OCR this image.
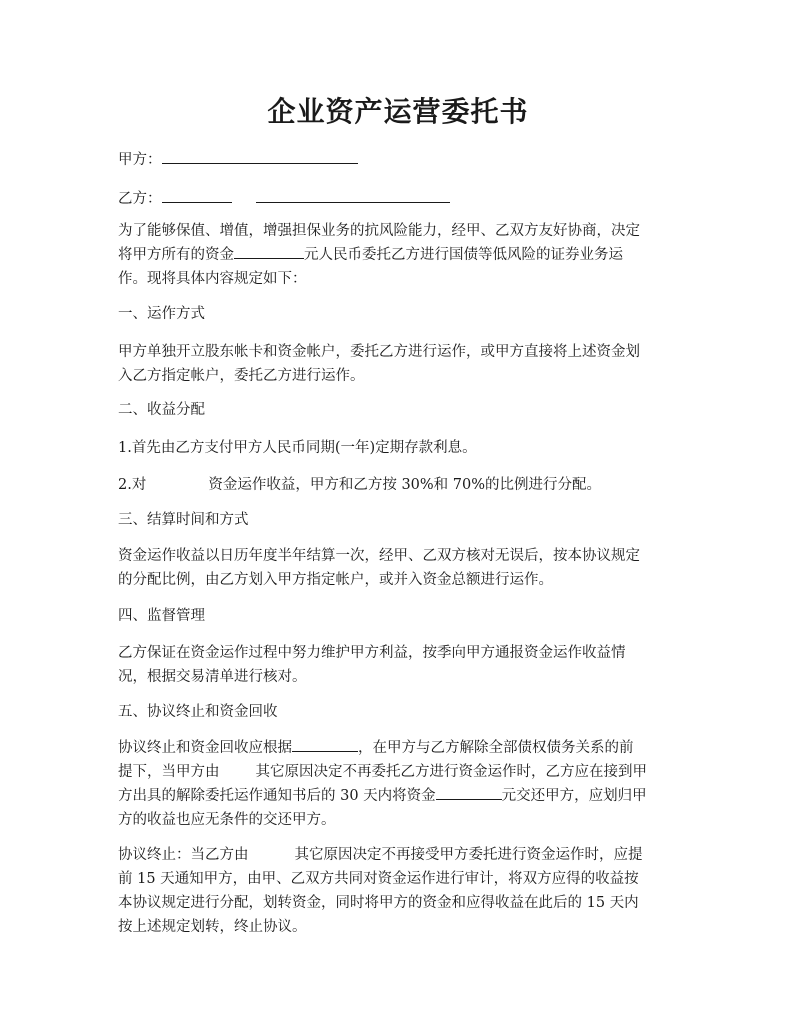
企业资产运营委托书
甲方：
乙方：
为了能够保值、增值，增强担保业务的抗风险能力，经甲、乙双方友好协商，决定
将甲方所有的资金	元人民币委托乙方进行国债等低风险的证券业务运
作。现将具体内容规定如下：
一、运作方式
甲方单独开立股东帐卡和资金帐户，委托乙方进行运作，或甲方直接将上述资金划
入乙方指定帐户，委托乙方进行运作。
二、收益分配
1.首先由乙方支付甲方人民币同期(一年)定期存款利息。
2.对	资金运作收益，甲方和乙方按 30%和 70%的比例进行分配。
三、结算时间和方式
资金运作收益以日历年度半年结算一次，经甲、乙双方核对无误后，按本协议规定
的分配比例，由乙方划入甲方指定帐户，或并入资金总额进行运作。
四、监督管理
乙方保证在资金运作过程中努力维护甲方利益，按季向甲方通报资金运作收益情
况，根据交易清单进行核对。
五、协议终止和资金回收
协议终止和资金回收应根据	，在甲方与乙方解除全部债权债务关系的前
提下，当甲方由 其它原因决定不再委托乙方进行资金运作时，乙方应在接到甲
方出具的解除委托运作通知书后的 30 天内将资金	元交还甲方，应划归甲
方的收益也应无条件的交还甲方。
协议终止：当乙方由	其它原因决定不再接受甲方委托进行资金运作时，应提
前 15 天通知甲方，由甲、乙双方共同对资金运作进行审计，将双方应得的收益按
本协议规定进行分配，划转资金，同时将甲方的资金和应得收益在此后的 15 天内
按上述规定划转，终止协议。
